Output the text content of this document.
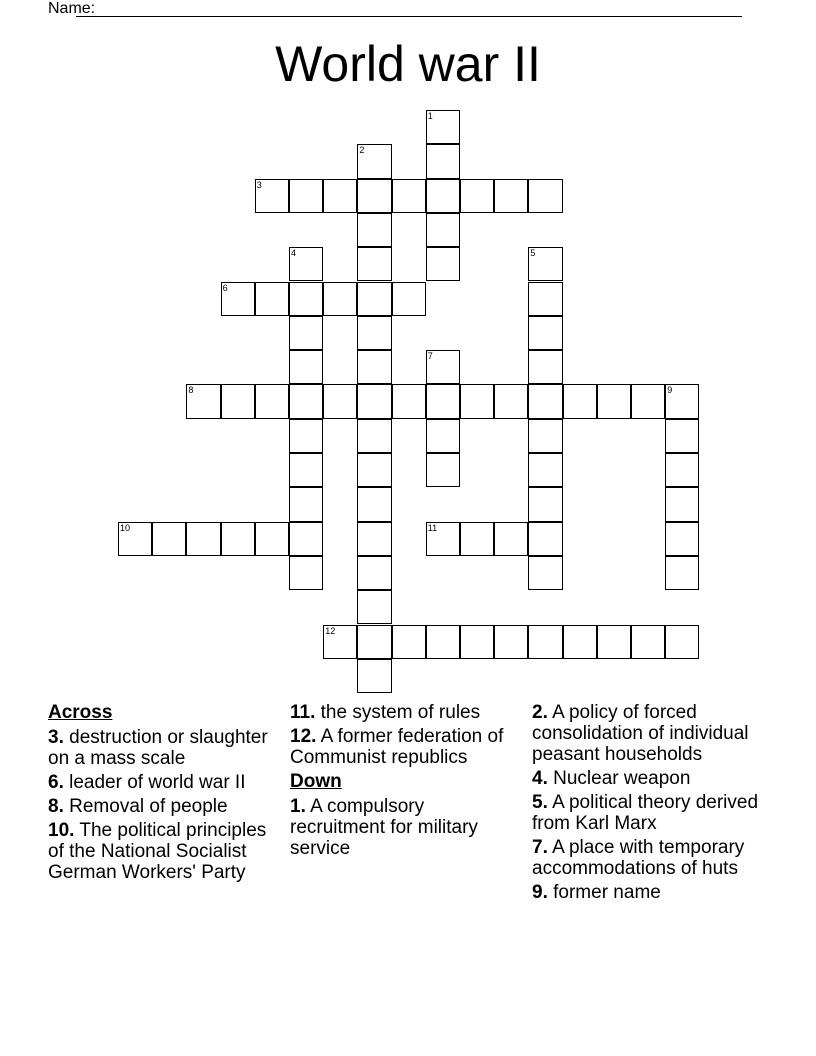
Name:
World war II
1
2
3
4	5
6
7
8	9
10	11
12
Across
3. destruction or slaughter on a mass scale
6. leader of world war II
8. Removal of people
10. The political principles of the National Socialist German Workers' Party
11. the system of rules
12. A former federation of Communist republics
Down
1. A compulsory recruitment for military service
2. A policy of forced consolidation of individual peasant households
4. Nuclear weapon
5. A political theory derived from Karl Marx
7. A place with temporary accommodations of huts
9. former name
